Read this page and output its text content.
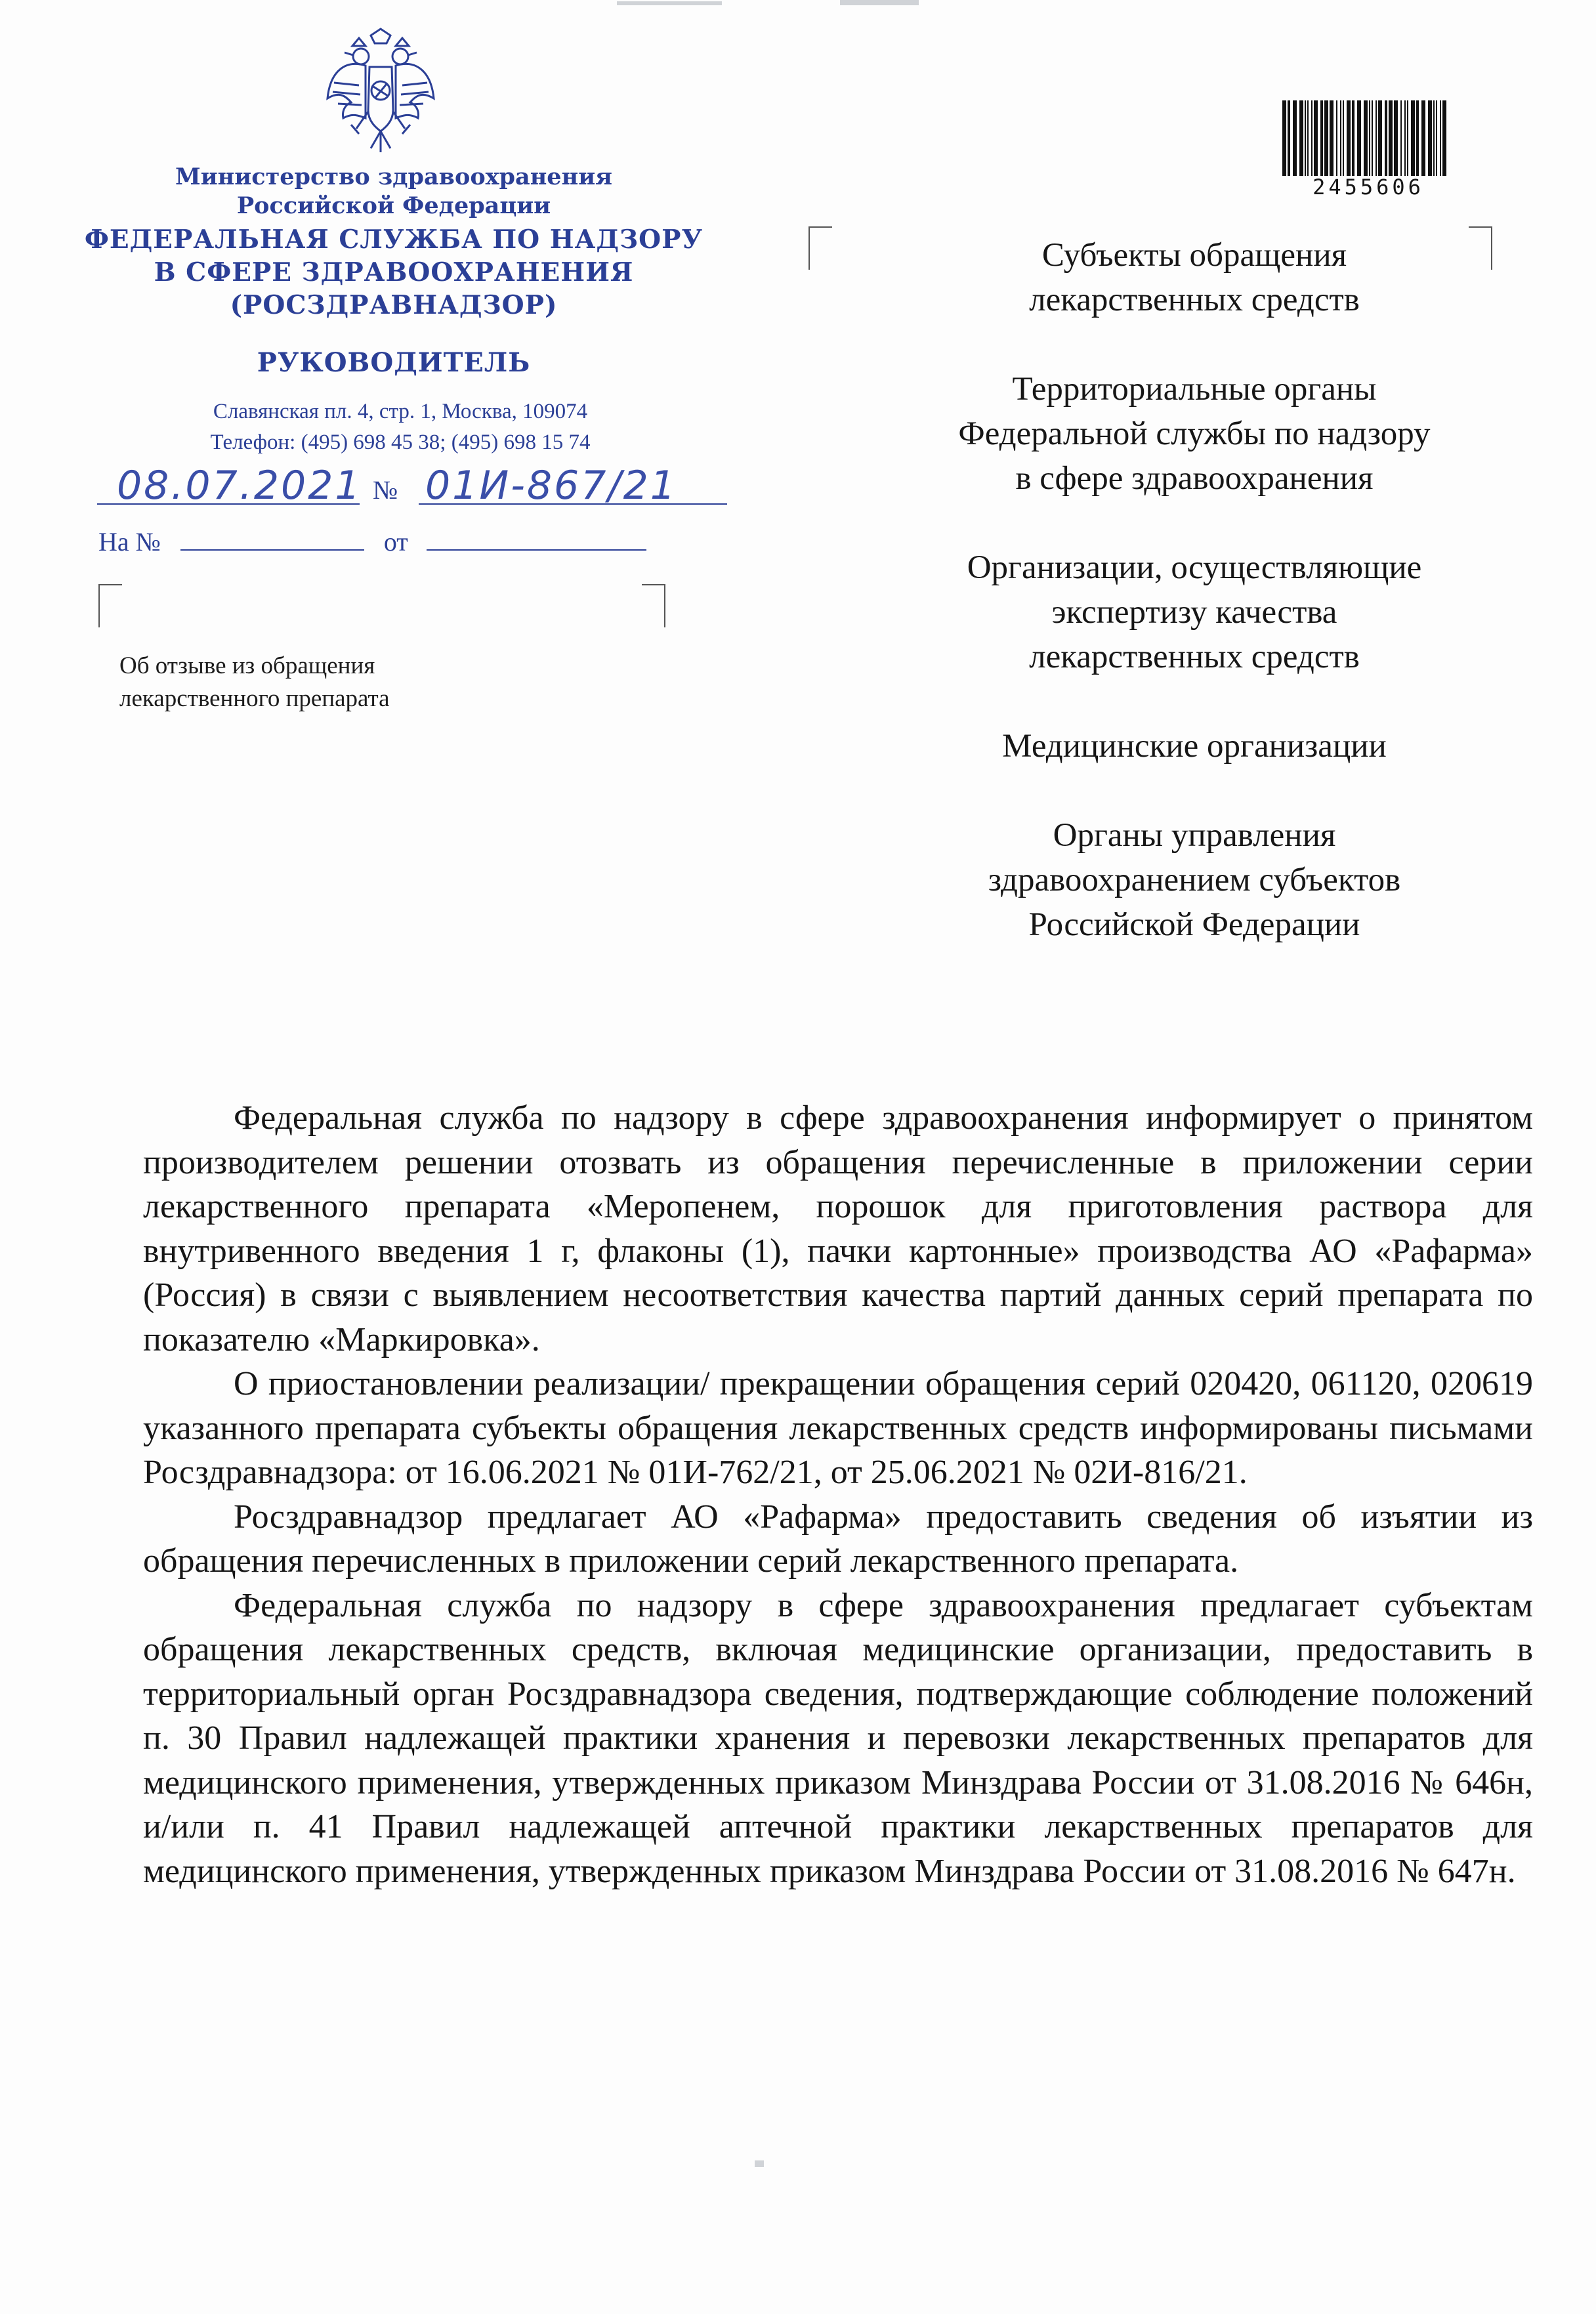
Министерство здравоохранения
Российской Федерации
ФЕДЕРАЛЬНАЯ СЛУЖБА ПО НАДЗОРУ
В СФЕРЕ ЗДРАВООХРАНЕНИЯ
(РОСЗДРАВНАДЗОР)
РУКОВОДИТЕЛЬ
Славянская пл. 4, стр. 1, Москва, 109074
Телефон: (495) 698 45 38; (495) 698 15 74
08.07.2021 № 01И-867/21
На №	от
Об отзыве из обращения
лекарственного препарата
2455606

Субъекты обращения
лекарственных средств

Территориальные органы
Федеральной службы по надзору
в сфере здравоохранения

Организации, осуществляющие
экспертизу качества
лекарственных средств

Медицинские организации

Органы управления
здравоохранением субъектов
Российской Федерации

Федеральная служба по надзору в сфере здравоохранения информирует о принятом производителем решении отозвать из обращения перечисленные в приложении серии лекарственного препарата «Меропенем, порошок для приготовления раствора для внутривенного введения 1 г, флаконы (1), пачки картонные» производства АО «Рафарма» (Россия) в связи с выявлением несоответствия качества партий данных серий препарата по показателю «Маркировка».

О приостановлении реализации/ прекращении обращения серий 020420, 061120, 020619 указанного препарата субъекты обращения лекарственных средств информированы письмами Росздравнадзора: от 16.06.2021 № 01И-762/21, от 25.06.2021 № 02И-816/21.

Росздравнадзор предлагает АО «Рафарма» предоставить сведения об изъятии из обращения перечисленных в приложении серий лекарственного препарата.

Федеральная служба по надзору в сфере здравоохранения предлагает субъектам обращения лекарственных средств, включая медицинские организации, предоставить в территориальный орган Росздравнадзора сведения, подтверждающие соблюдение положений п. 30 Правил надлежащей практики хранения и перевозки лекарственных препаратов для медицинского применения, утвержденных приказом Минздрава России от 31.08.2016 № 646н, и/или п. 41 Правил надлежащей аптечной практики лекарственных препаратов для медицинского применения, утвержденных приказом Минздрава России от 31.08.2016 № 647н.
